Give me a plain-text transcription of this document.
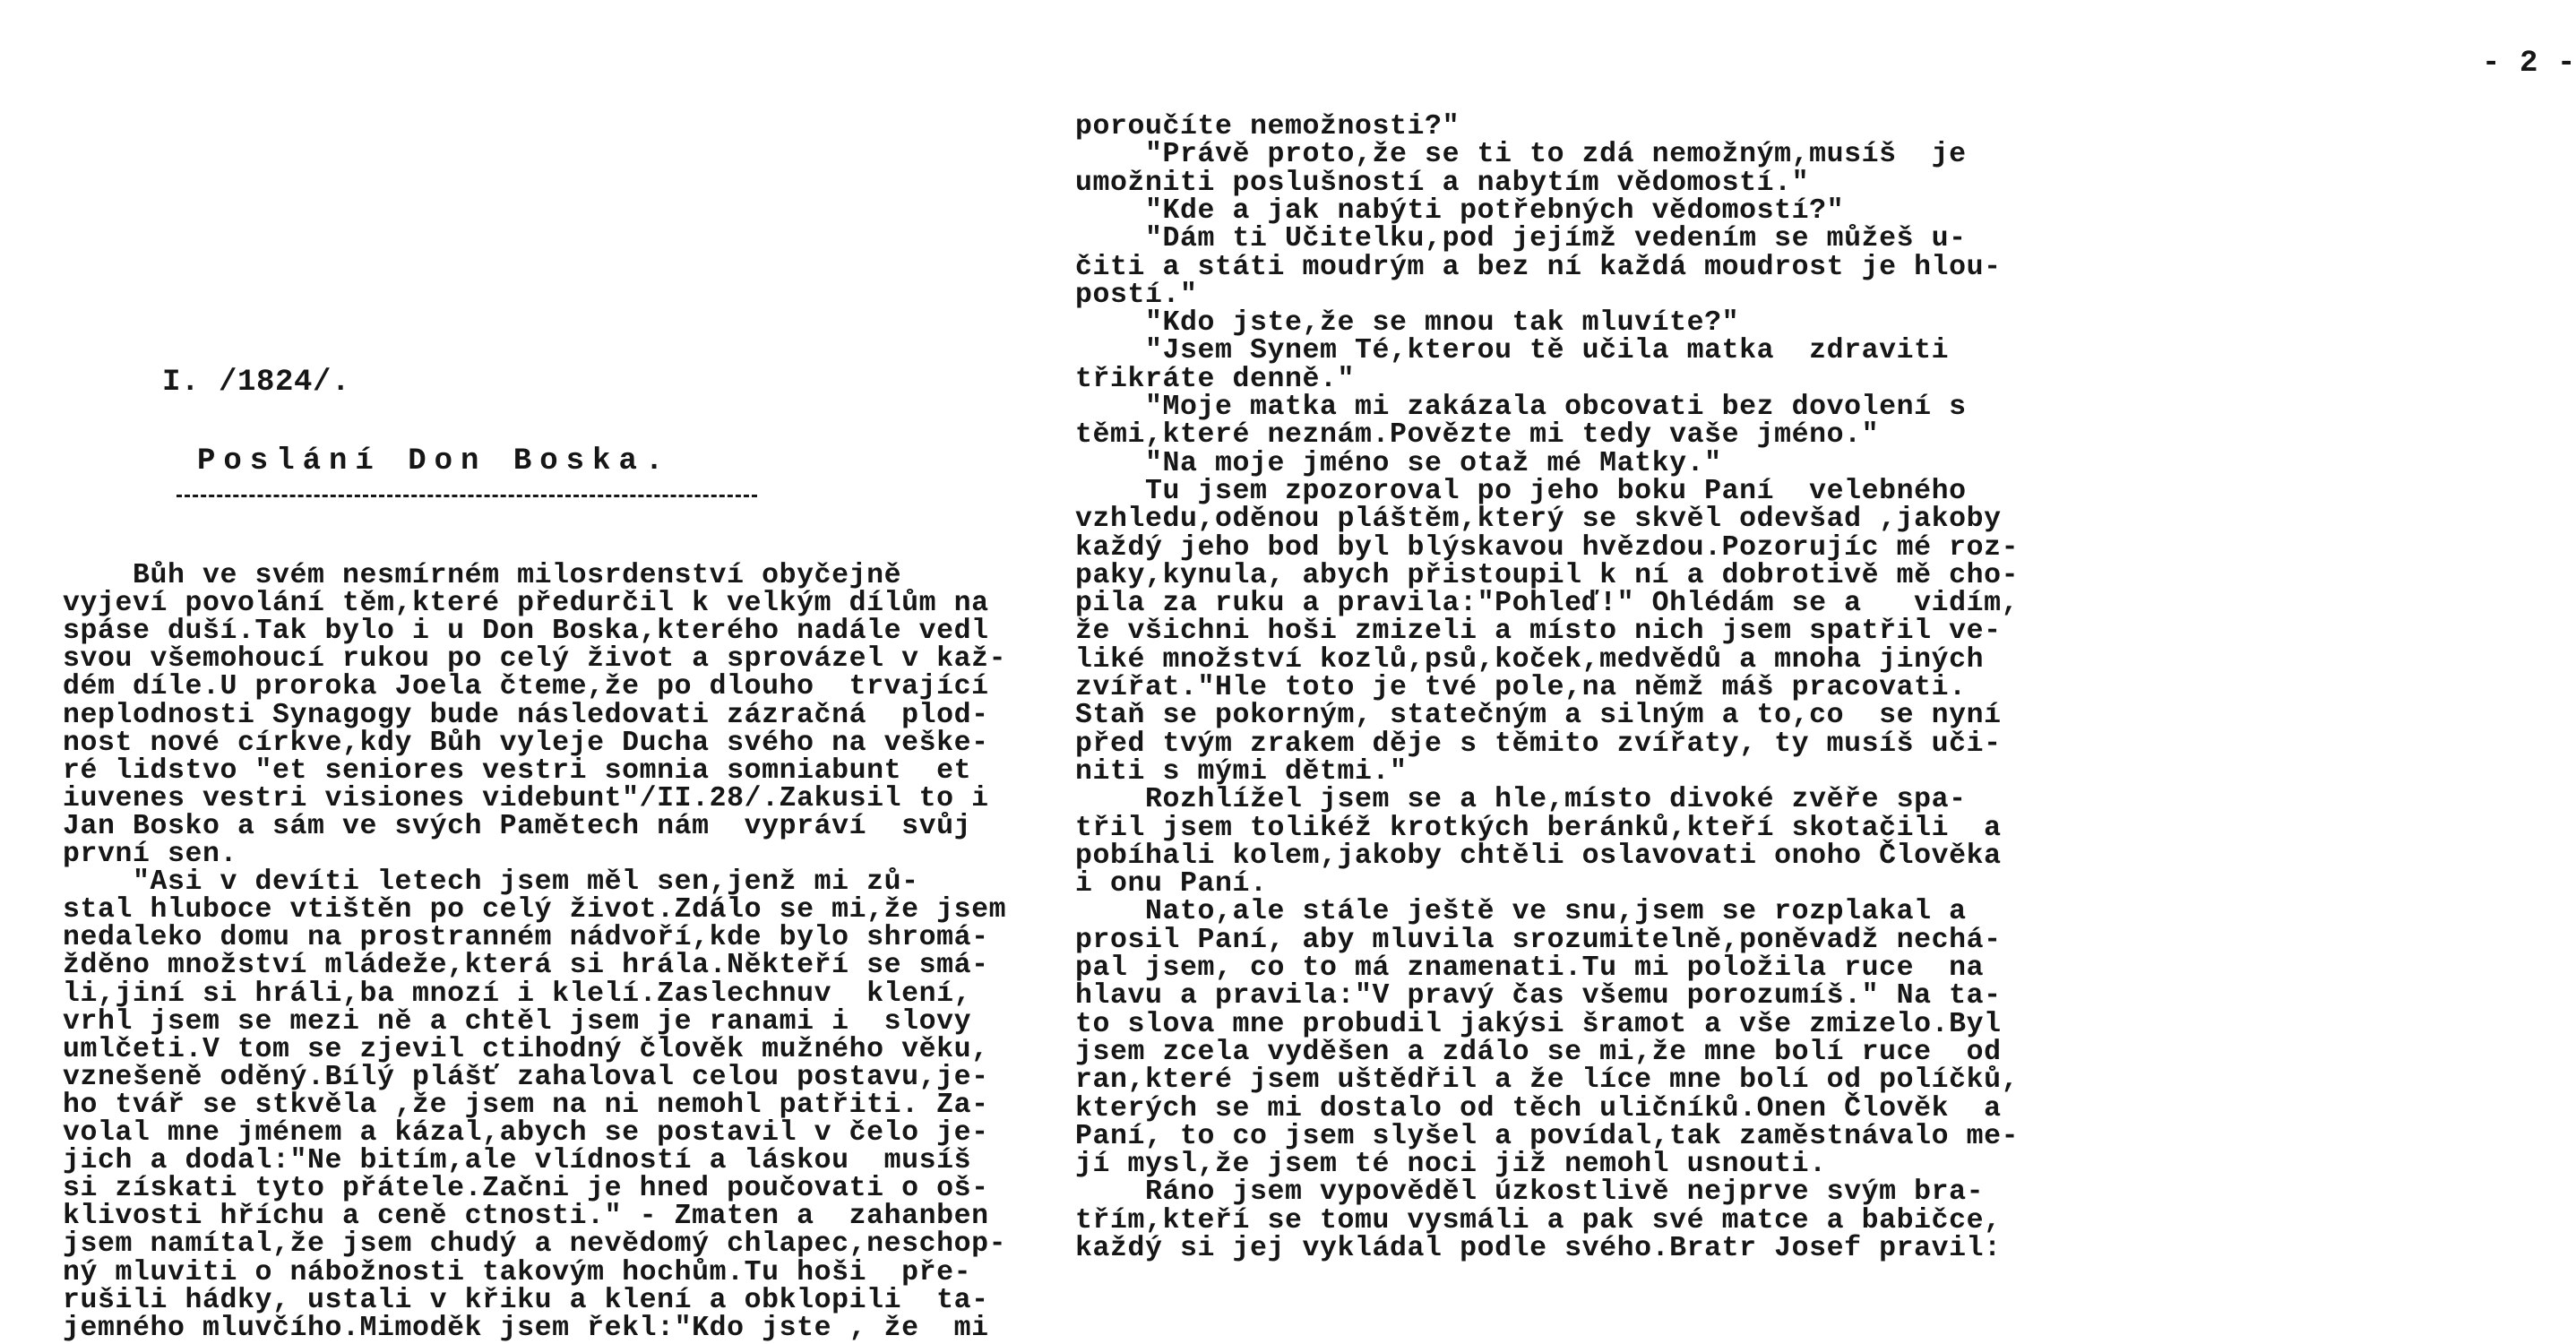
I. /1824/.
Poslání Don Boska.
Bůh ve svém nesmírném milosrdenství obyčejně
vyjeví povolání těm,které předurčil k velkým dílům na
spáse duší.Tak bylo i u Don Boska,kterého nadále vedl
svou všemohoucí rukou po celý život a sprovázel v kaž-
dém díle.U proroka Joela čteme,že po dlouho  trvající
neplodnosti Synagogy bude následovati zázračná  plod-
nost nové církve,kdy Bůh vyleje Ducha svého na veške-
ré lidstvo "et seniores vestri somnia somniabunt  et
iuvenes vestri visiones videbunt"/II.28/.Zakusil to i
Jan Bosko a sám ve svých Pamětech nám  vypráví  svůj
první sen.
"Asi v devíti letech jsem měl sen,jenž mi zů-
stal hluboce vtištěn po celý život.Zdálo se mi,že jsem
nedaleko domu na prostranném nádvoří,kde bylo shromá-
žděno množství mládeže,která si hrála.Někteří se smá-
li,jiní si hráli,ba mnozí i klelí.Zaslechnuv  klení,
vrhl jsem se mezi ně a chtěl jsem je ranami i  slovy
umlčeti.V tom se zjevil ctihodný člověk mužného věku,
vznešeně oděný.Bílý plášť zahaloval celou postavu,je-
ho tvář se stkvěla ,že jsem na ni nemohl patřiti. Za-
volal mne jménem a kázal,abych se postavil v čelo je-
jich a dodal:"Ne bitím,ale vlídností a láskou  musíš
si získati tyto přátele.Začni je hned poučovati o oš-
klivosti hříchu a ceně ctnosti." - Zmaten a  zahanben
jsem namítal,že jsem chudý a nevědomý chlapec,neschop-
ný mluviti o nábožnosti takovým hochům.Tu hoši  pře-
rušili hádky, ustali v křiku a klení a obklopili  ta-
jemného mluvčího.Mimoděk jsem řekl:"Kdo jste , že  mi
- 2 -
poroučíte nemožnosti?"
"Právě proto,že se ti to zdá nemožným,musíš  je
umožniti poslušností a nabytím vědomostí."
"Kde a jak nabýti potřebných vědomostí?"
"Dám ti Učitelku,pod jejímž vedením se můžeš u-
čiti a státi moudrým a bez ní každá moudrost je hlou-
postí."
"Kdo jste,že se mnou tak mluvíte?"
"Jsem Synem Té,kterou tě učila matka  zdraviti
třikráte denně."
"Moje matka mi zakázala obcovati bez dovolení s
těmi,které neznám.Povězte mi tedy vaše jméno."
"Na moje jméno se otaž mé Matky."
Tu jsem zpozoroval po jeho boku Paní  velebného
vzhledu,oděnou pláštěm,který se skvěl odevšad ,jakoby
každý jeho bod byl blýskavou hvězdou.Pozorujíc mé roz-
paky,kynula, abych přistoupil k ní a dobrotivě mě cho-
pila za ruku a pravila:"Pohleď!" Ohlédám se a   vidím,
že všichni hoši zmizeli a místo nich jsem spatřil ve-
liké množství kozlů,psů,koček,medvědů a mnoha jiných
zvířat."Hle toto je tvé pole,na němž máš pracovati.
Staň se pokorným, statečným a silným a to,co  se nyní
před tvým zrakem děje s těmito zvířaty, ty musíš uči-
niti s mými dětmi."
Rozhlížel jsem se a hle,místo divoké zvěře spa-
třil jsem tolikéž krotkých beránků,kteří skotačili  a
pobíhali kolem,jakoby chtěli oslavovati onoho Člověka
i onu Paní.
Nato,ale stále ještě ve snu,jsem se rozplakal a
prosil Paní, aby mluvila srozumitelně,poněvadž nechá-
pal jsem, co to má znamenati.Tu mi položila ruce  na
hlavu a pravila:"V pravý čas všemu porozumíš." Na ta-
to slova mne probudil jakýsi šramot a vše zmizelo.Byl
jsem zcela vyděšen a zdálo se mi,že mne bolí ruce  od
ran,které jsem uštědřil a že líce mne bolí od políčků,
kterých se mi dostalo od těch uličníků.Onen Člověk  a
Paní, to co jsem slyšel a povídal,tak zaměstnávalo me-
jí mysl,že jsem té noci již nemohl usnouti.
Ráno jsem vypověděl úzkostlivě nejprve svým bra-
třím,kteří se tomu vysmáli a pak své matce a babičce,
každý si jej vykládal podle svého.Bratr Josef pravil:
